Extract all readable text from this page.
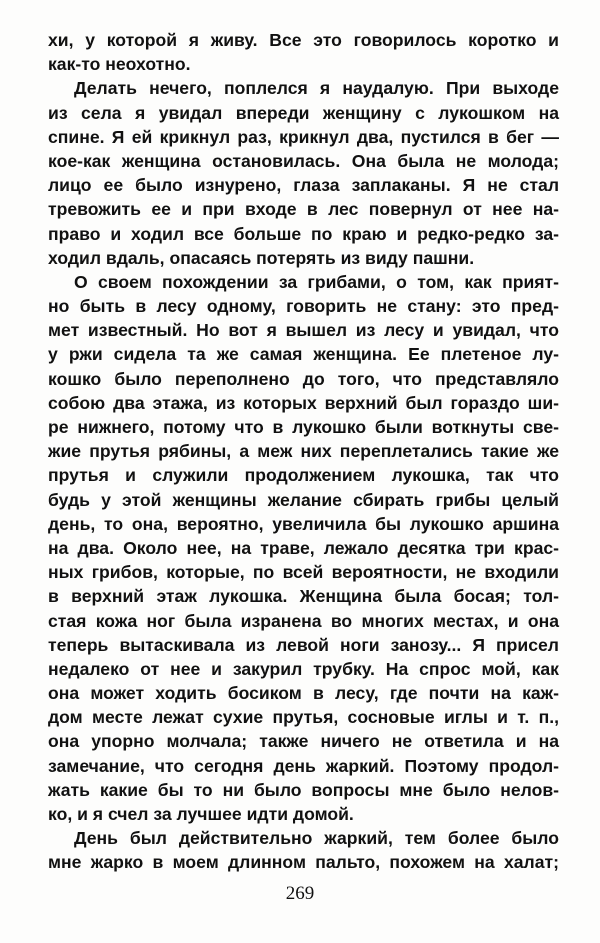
хи, у которой я живу. Все это говорилось коротко и
как-то неохотно.
Делать нечего, поплелся я наудалую. При выходе
из села я увидал впереди женщину с лукошком на
спине. Я ей крикнул раз, крикнул два, пустился в бег —
кое-как женщина остановилась. Она была не молода;
лицо ее было изнурено, глаза заплаканы. Я не стал
тревожить ее и при входе в лес повернул от нее на-
право и ходил все больше по краю и редко-редко за-
ходил вдаль, опасаясь потерять из виду пашни.
О своем похождении за грибами, о том, как прият-
но быть в лесу одному, говорить не стану: это пред-
мет известный. Но вот я вышел из лесу и увидал, что
у ржи сидела та же самая женщина. Ее плетеное лу-
кошко было переполнено до того, что представляло
собою два этажа, из которых верхний был гораздо ши-
ре нижнего, потому что в лукошко были воткнуты све-
жие прутья рябины, а меж них переплетались такие же
прутья и служили продолжением лукошка, так что
будь у этой женщины желание сбирать грибы целый
день, то она, вероятно, увеличила бы лукошко аршина
на два. Около нее, на траве, лежало десятка три крас-
ных грибов, которые, по всей вероятности, не входили
в верхний этаж лукошка. Женщина была босая; тол-
стая кожа ног была изранена во многих местах, и она
теперь вытаскивала из левой ноги занозу... Я присел
недалеко от нее и закурил трубку. На спрос мой, как
она может ходить босиком в лесу, где почти на каж-
дом месте лежат сухие прутья, сосновые иглы и т. п.,
она упорно молчала; также ничего не ответила и на
замечание, что сегодня день жаркий. Поэтому продол-
жать какие бы то ни было вопросы мне было нелов-
ко, и я счел за лучшее идти домой.
День был действительно жаркий, тем более было
мне жарко в моем длинном пальто, похожем на халат;
269
